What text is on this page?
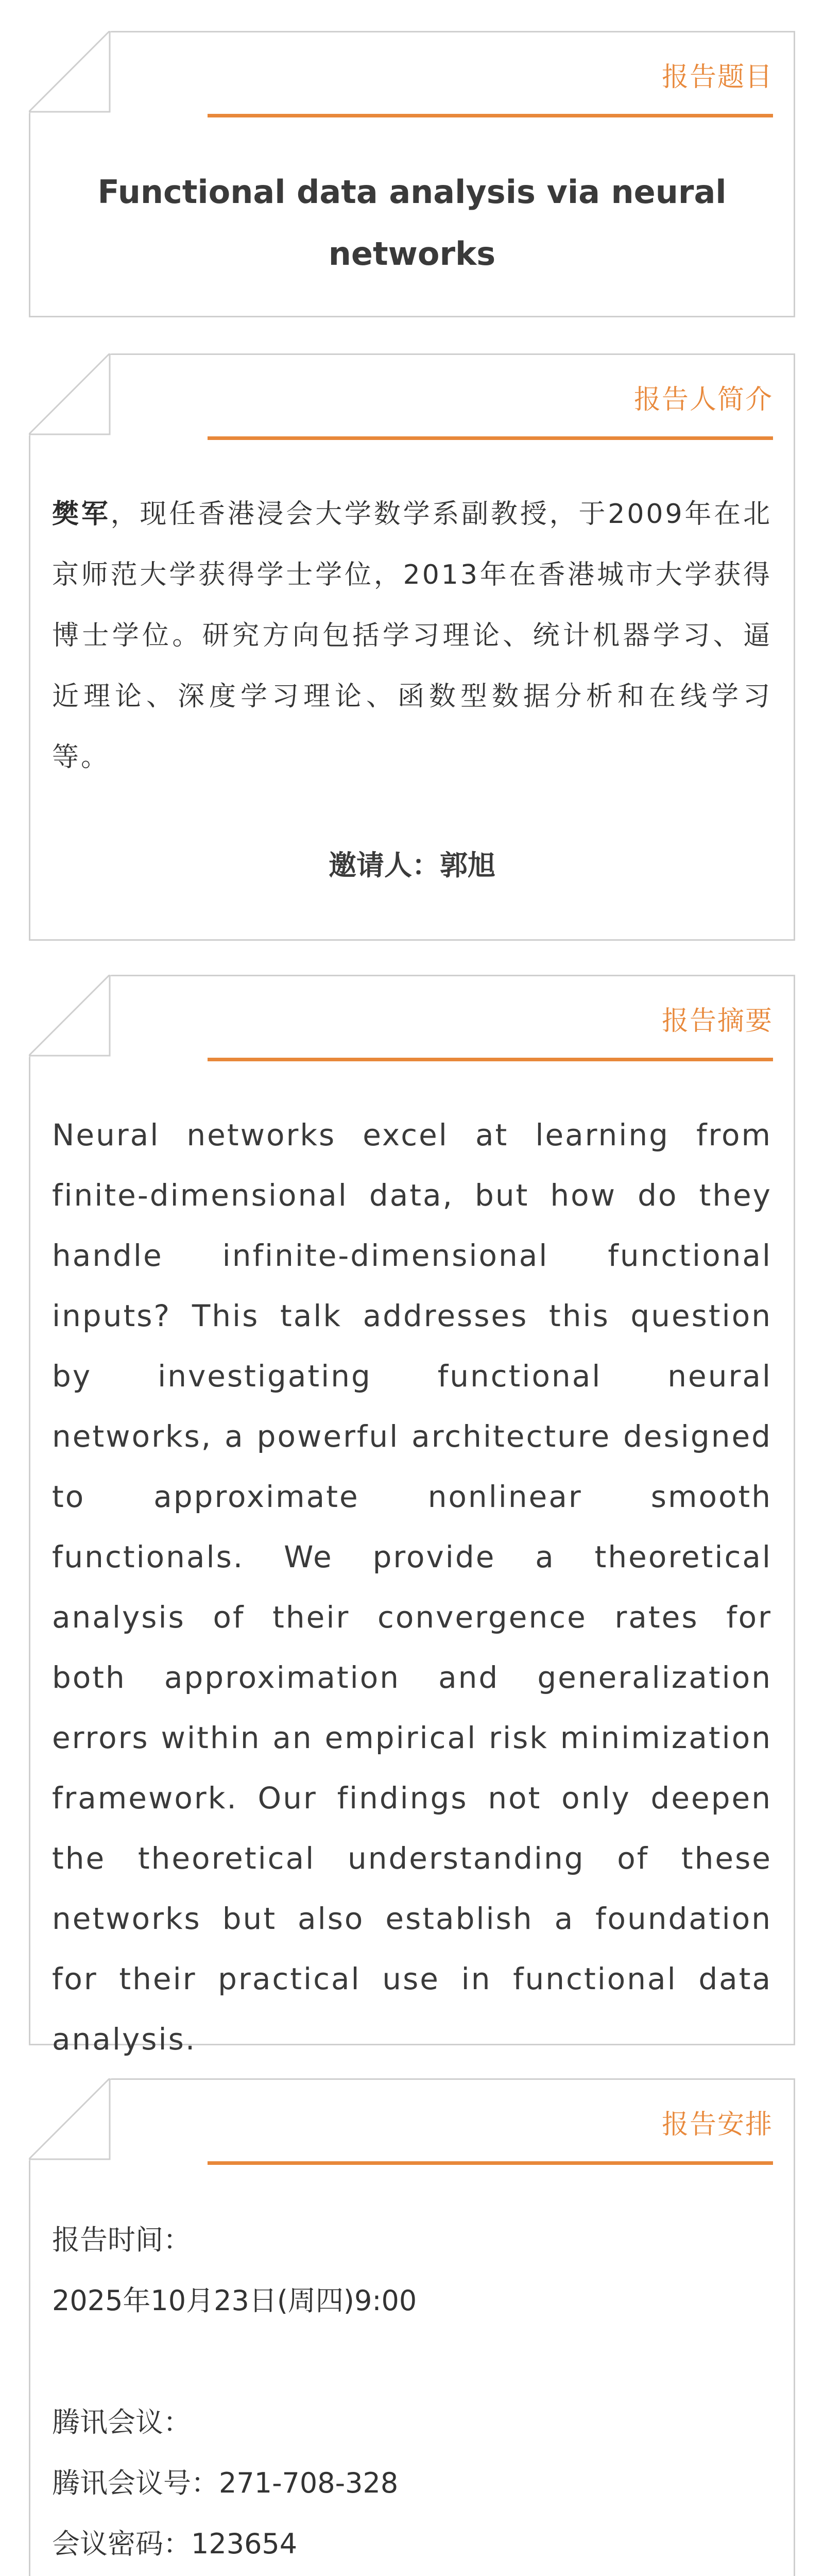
报告题目
Functional data analysis via neural networks
报告人简介
樊军，现任香港浸会大学数学系副教授，于2009年在北京师范大学获得学士学位，2013年在香港城市大学获得博士学位。研究方向包括学习理论、统计机器学习、逼近理论、深度学习理论、函数型数据分析和在线学习等。
邀请人：郭旭
报告摘要
Neural networks excel at learning from finite-dimensional data, but how do they handle infinite-dimensional functional inputs? This talk addresses this question by investigating functional neural networks, a powerful architecture designed to approximate nonlinear smooth functionals. We provide a theoretical analysis of their convergence rates for both approximation and generalization errors within an empirical risk minimization framework. Our findings not only deepen the theoretical understanding of these networks but also establish a foundation for their practical use in functional data analysis.
报告安排

报告时间：

2025年10月23日(周四)9:00

腾讯会议：

腾讯会议号：271-708-328

会议密码：123654
